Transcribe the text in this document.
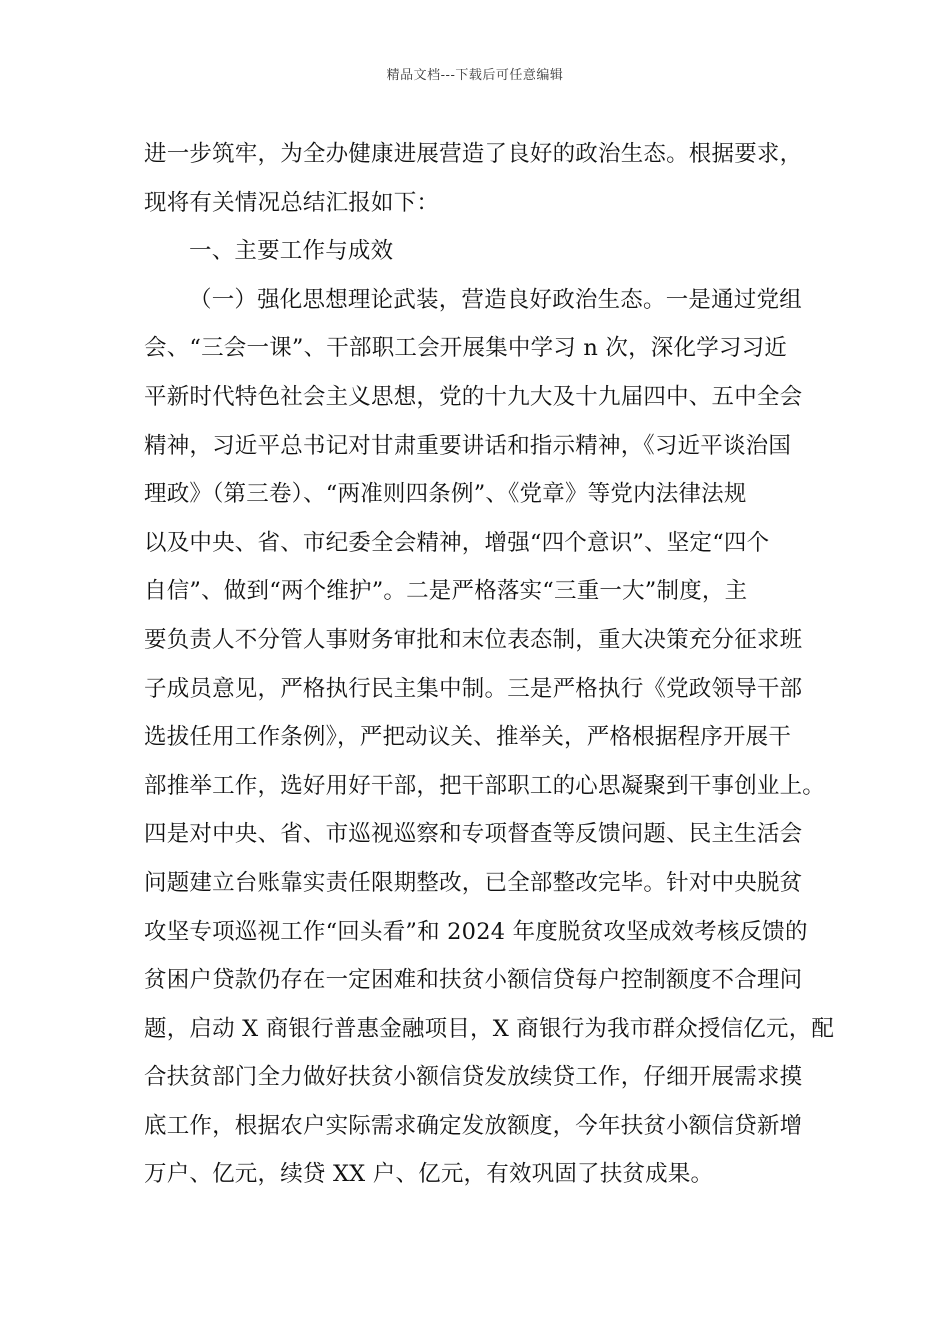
精品文档---下载后可任意编辑
进一步筑牢，为全办健康进展营造了良好的政治生态。根据要求，
现将有关情况总结汇报如下：
一、主要工作与成效
（一）强化思想理论武装，营造良好政治生态。一是通过党组
会、“三会一课”、干部职工会开展集中学习 n 次，深化学习习近
平新时代特色社会主义思想，党的十九大及十九届四中、五中全会
精神，习近平总书记对甘肃重要讲话和指示精神，《习近平谈治国
理政》（第三卷）、“两准则四条例”、《党章》等党内法律法规
以及中央、省、市纪委全会精神，增强“四个意识”、坚定“四个
自信”、做到“两个维护”。二是严格落实“三重一大”制度，主
要负责人不分管人事财务审批和末位表态制，重大决策充分征求班
子成员意见，严格执行民主集中制。三是严格执行《党政领导干部
选拔任用工作条例》，严把动议关、推举关，严格根据程序开展干
部推举工作，选好用好干部，把干部职工的心思凝聚到干事创业上。
四是对中央、省、市巡视巡察和专项督查等反馈问题、民主生活会
问题建立台账靠实责任限期整改，已全部整改完毕。针对中央脱贫
攻坚专项巡视工作“回头看”和 2024 年度脱贫攻坚成效考核反馈的
贫困户贷款仍存在一定困难和扶贫小额信贷每户控制额度不合理问
题，启动 X 商银行普惠金融项目，X 商银行为我市群众授信亿元，配
合扶贫部门全力做好扶贫小额信贷发放续贷工作，仔细开展需求摸
底工作，根据农户实际需求确定发放额度，今年扶贫小额信贷新增
万户、亿元，续贷 XX 户、亿元，有效巩固了扶贫成果。
